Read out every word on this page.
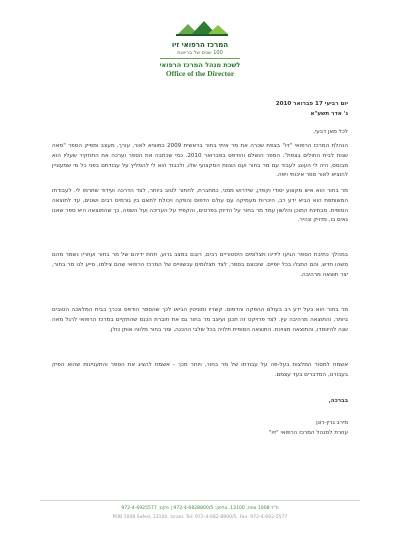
המרכז הרפואי זיו
100 שנים של בריאות
לשכת מנהל המרכז הרפואי
Office of the Director
יום רביעי 17 פברואר 2010
ג' אדר תשע"א
לכל מאן דבעי,
הנהלת המרכז הרפואי "זיו" בצפת שכרה את מר איתי בחור בראשית 2009 כמוציא לאור, עורך, מעצב ומפיק הספר "מאה שנות לבית החולים בצפת". הספר הושלם והודפס בפברואר 2010. כמי שכתבה את הספר וערכה את התחקיר שעליו הוא מבוסס, היה לי העונג לעבוד עם מר בחור ועם הצוות המקצועי שלו, ולכבוד הוא לי להמליץ על עבודתם בפני כל מי שמעוניין להוציא לאור ספר איכותי ויפה.
מר בחור הוא איש מקצוע יסודי וקפדן, שידרוש ממני, כמחברת, לחתור לטוב ביותר, לצד הדרכה ועידוד שתרמו לי. לעבודתו המשותפת הוא הביא ידע רב, היכרות מעמיקה עם עולם הדפוס והפקה ויכולת לתאם בין גורמים רבים ושונים, עד לתוצאה הסופית. מבחינת התוכן והלשון עמד מר בחור על הדיוק בפרטים, והקפיד על העריכה ועל השפה, כך שהתוצאה היא ספר שאנו גאים בו, מדויק ונהיר.
במהלך כתיבת הספר הגיעו לידינו תצלומים היסטוריים רבים, רובם במצב גרוע, תחת ידיהם של מר בחור ועוזריו נשמר מהם משהו חדש, והם התגלו בכל יופיים. שיבוצם בספר, לצד תצלומים עכשוויים של המרכז הרפואי שהם צילמו, סייע לנו מר בחור, יצר תוצאה מרהיבה.
מר בחור הוא בעל ידע רב בעולם ההפקה והדפוס. קשריו ומוניטין הביאו לכך שהספר הודפס ונכרך בבית המלאכה הטובים ביותר, והתוצאה מרהיבה עין. לצד פרויקט זה תכנן ועיצב מר בחור גם את חוברת הכנס שהתקיים במרכז הרפואי לרגל מאה שנה להיווסדו, והתוצאה מצוינת. התוצאה הסופית תלויה בכל שלבי ההכנה, ומר בחור מלווה אותן כולן.
אשמח למסור המלצות בעל-פה על עבודתו של מר בחור, ויותר מכך - אשמח להציג את הספר והתעניינות שהוא הפיק בעבורנו, המדברים בעד עצמם.
בברכה,
מירב גרין-רונן
עוזרת למנהל המרכז הרפואי "זיו"
ת"ד 1008 צפת, 13100. טלפון: 972-4-6828800/5 | פקס: 972-4-6925577
POB 1008 Safed, 13100, Israel. Tel: 972-4-682-8800/5, Fax: 972-4-692-5577
